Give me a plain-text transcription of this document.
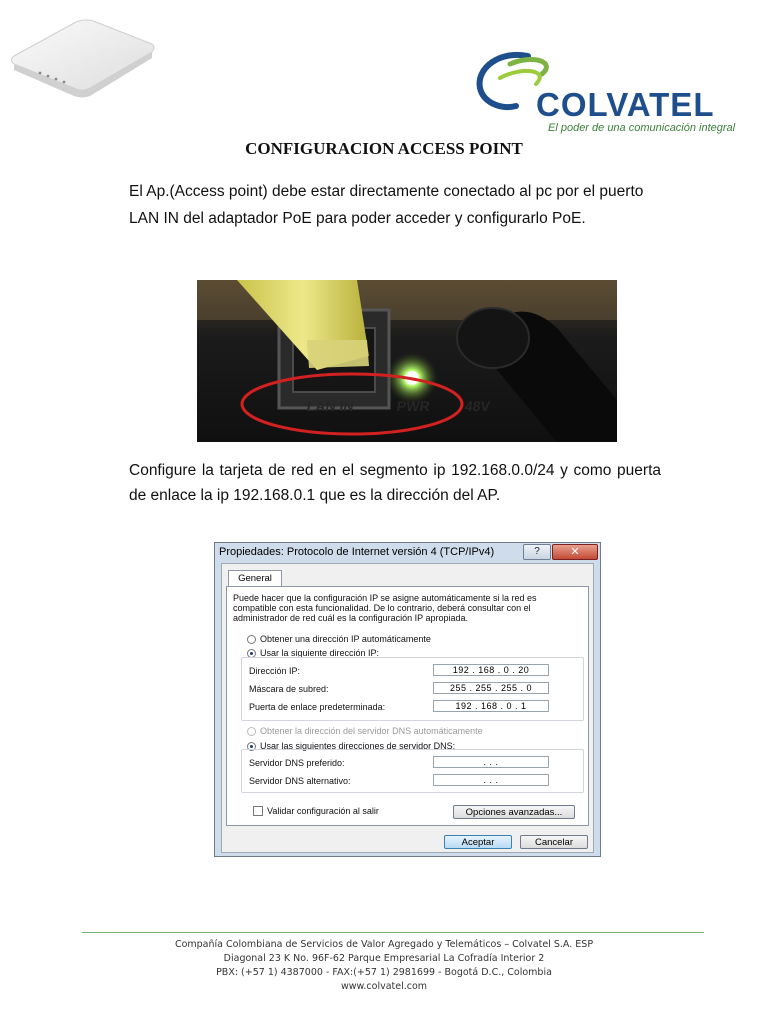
COLVATEL
El poder de una comunicación integral
CONFIGURACION ACCESS POINT
El Ap.(Access point) debe estar directamente conectado al pc por el puerto LAN IN del adaptador PoE para poder acceder y configurarlo PoE.
LAN IN	PWR 48V
Configure la tarjeta de red en el segmento ip 192.168.0.0/24 y como puerta de enlace la ip 192.168.0.1 que es la dirección del AP.
Propiedades: Protocolo de Internet versión 4 (TCP/IPv4)	?	✕
General
Puede hacer que la configuración IP se asigne automáticamente si la red es compatible con esta funcionalidad. De lo contrario, deberá consultar con el administrador de red cuál es la configuración IP apropiada.
Obtener una dirección IP automáticamente
Usar la siguiente dirección IP:
Dirección IP:	192 . 168 . 0 . 20
Máscara de subred:	255 . 255 . 255 . 0
Puerta de enlace predeterminada:	192 . 168 . 0 . 1
Obtener la dirección del servidor DNS automáticamente
Usar las siguientes direcciones de servidor DNS:
Servidor DNS preferido:	. . .
Servidor DNS alternativo:	. . .
Validar configuración al salir	Opciones avanzadas...
Aceptar	Cancelar
Compañía Colombiana de Servicios de Valor Agregado y Telemáticos – Colvatel S.A. ESP
Diagonal 23 K No. 96F-62 Parque Empresarial La Cofradía Interior 2
PBX: (+57 1) 4387000 - FAX:(+57 1) 2981699 - Bogotá D.C., Colombia
www.colvatel.com
